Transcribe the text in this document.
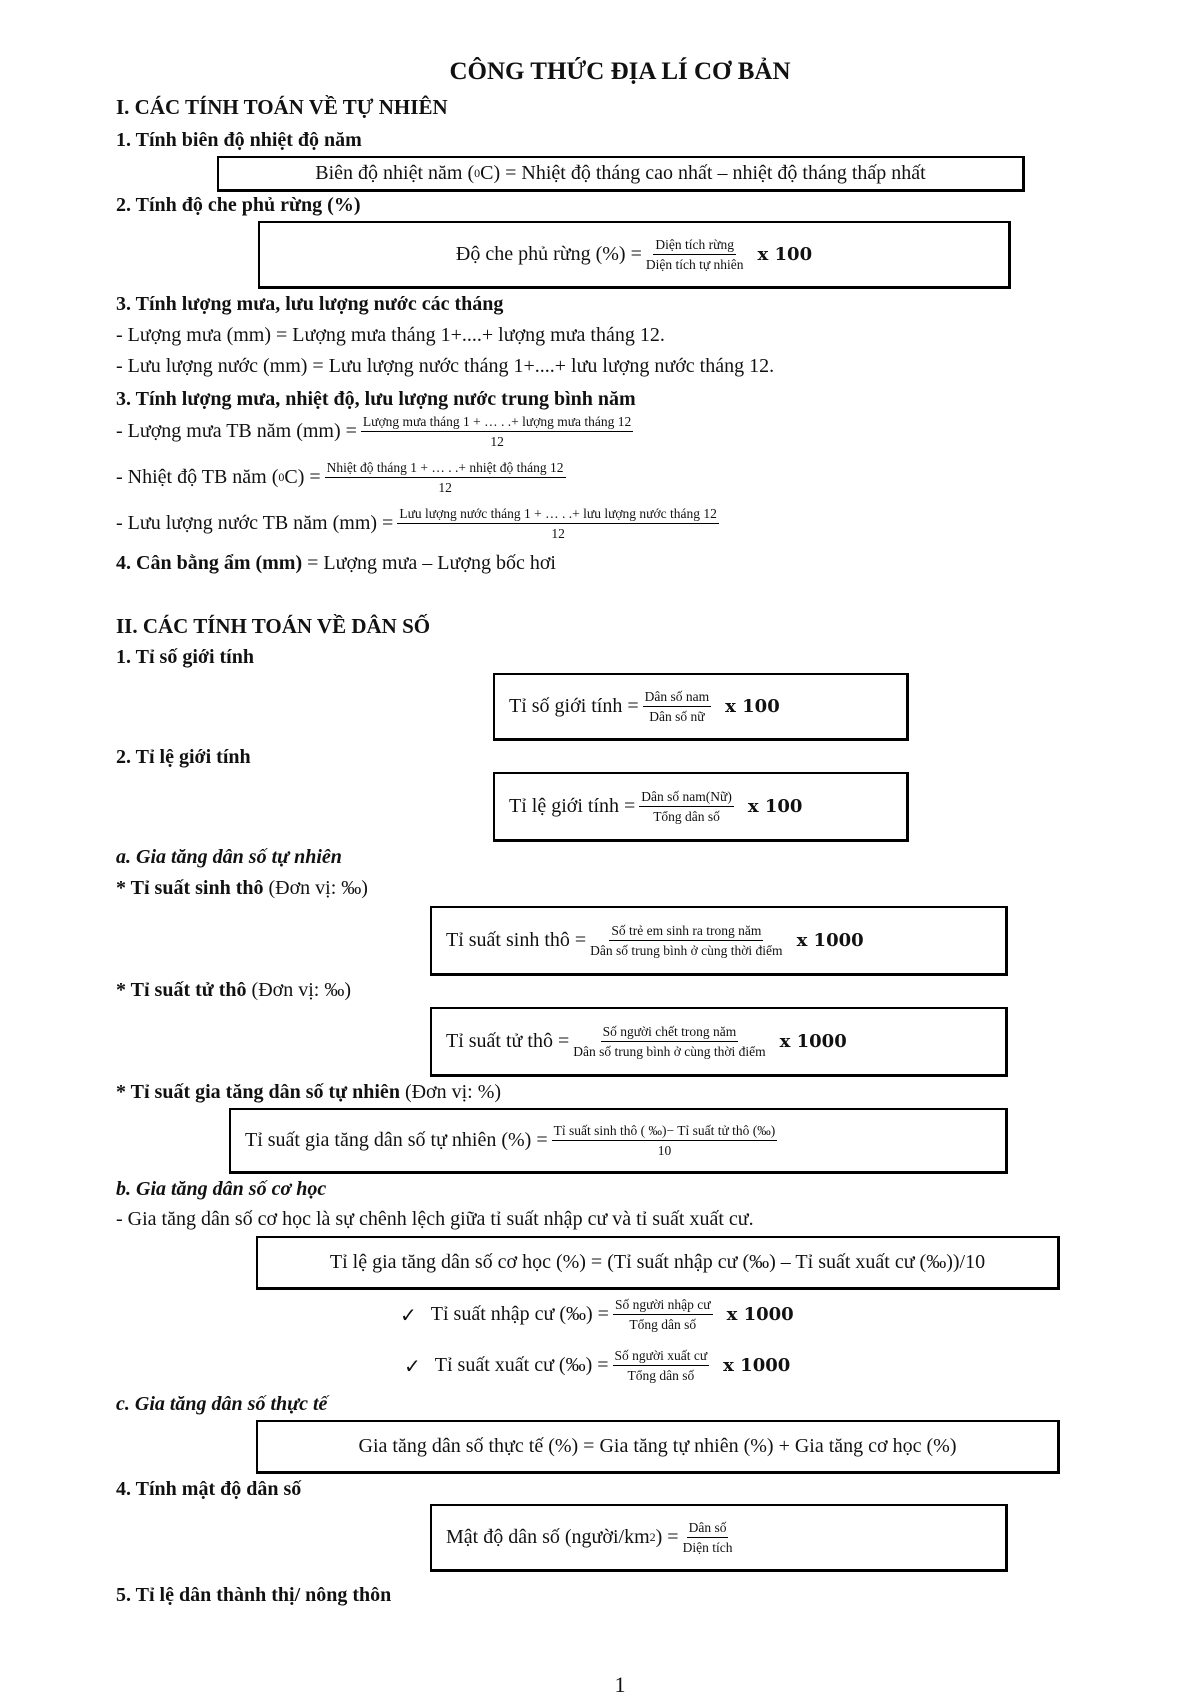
CÔNG THỨC ĐỊA LÍ CƠ BẢN
I. CÁC TÍNH TOÁN VỀ TỰ NHIÊN
1. Tính biên độ nhiệt độ năm
Biên độ nhiệt năm ( 0 C) = Nhiệt độ tháng cao nhất – nhiệt độ tháng thấp nhất
2. Tính độ che phủ rừng (%)
Độ che phủ rừng (%) = $\frac{\text{Diện tích rừng}}{\text{Diện tích tự nhiên}}$ x 100
3. Tính lượng mưa, lưu lượng nước các tháng
- Lượng mưa (mm) = Lượng mưa tháng 1+....+ lượng mưa tháng 12.
- Lưu lượng nước (mm) = Lưu lượng nước tháng 1+....+ lưu lượng nước tháng 12.
3. Tính lượng mưa, nhiệt độ, lưu lượng nước trung bình năm
- Lượng mưa TB năm $(mm) = \frac{\text{Lượng mưa tháng 1 + … . .+ lượng mưa tháng 12}}{12}$
- Nhiệt độ TB năm ( 0 $C) = \frac{\text{Nhiệt độ tháng 1 + … . .+ nhiệt độ tháng 12}}{12}$
- Lưu lượng nước TB năm $(mm) = \frac{\text{Lưu lượng nước tháng 1 + … . .+ lưu lượng nước tháng 12}}{12}$
4. Cân bằng ẩm (mm) = Lượng mưa – Lượng bốc hơi
II. CÁC TÍNH TOÁN VỀ DÂN SỐ
1. Tỉ số giới tính
Tỉ số giới tính = $\frac{\text{Dân số nam}}{\text{Dân số nữ}}$ x 100
2. Tỉ lệ giới tính
Tỉ lệ giới tính = $\frac{\text{Dân số nam(Nữ)}}{\text{Tổng dân số}}$ x 100
a. Gia tăng dân số tự nhiên
* Tỉ suất sinh thô (Đơn vị: ‰)
Tỉ suất sinh thô = $\frac{\text{Số trẻ em sinh ra trong năm}}{\text{Dân số trung bình ở cùng thời điểm}}$ x 1000
* Tỉ suất tử thô (Đơn vị: ‰)
Tỉ suất tử thô = $\frac{\text{Số người chết trong năm}}{\text{Dân số trung bình ở cùng thời điểm}}$ x 1000
* Tỉ suất gia tăng dân số tự nhiên (Đơn vị: %)
Tỉ suất gia tăng dân số tự nhiên (%) = $\frac{\text{Tỉ suất sinh thô ( ‰)− Tỉ suất tử thô (‰)}}{10}$
b. Gia tăng dân số cơ học
- Gia tăng dân số cơ học là sự chênh lệch giữa tỉ suất nhập cư và tỉ suất xuất cư.
Tỉ lệ gia tăng dân số cơ học (%) = (Tỉ suất nhập cư (‰) – Tỉ suất xuất cư (‰))/10
✓ Tỉ suất nhập cư (‰) = $\frac{\text{Số người nhập cư}}{\text{Tổng dân số}}$ x 1000
✓ Tỉ suất xuất cư (‰) = $\frac{\text{Số người xuất cư}}{\text{Tổng dân số}}$ x 1000
c. Gia tăng dân số thực tế
Gia tăng dân số thực tế (%) = Gia tăng tự nhiên (%) + Gia tăng cơ học (%)
4. Tính mật độ dân số
Mật độ dân số (người/km 2 ) = $\frac{\text{Dân số}}{\text{Diện tích}}$
5. Tỉ lệ dân thành thị/ nông thôn
1
